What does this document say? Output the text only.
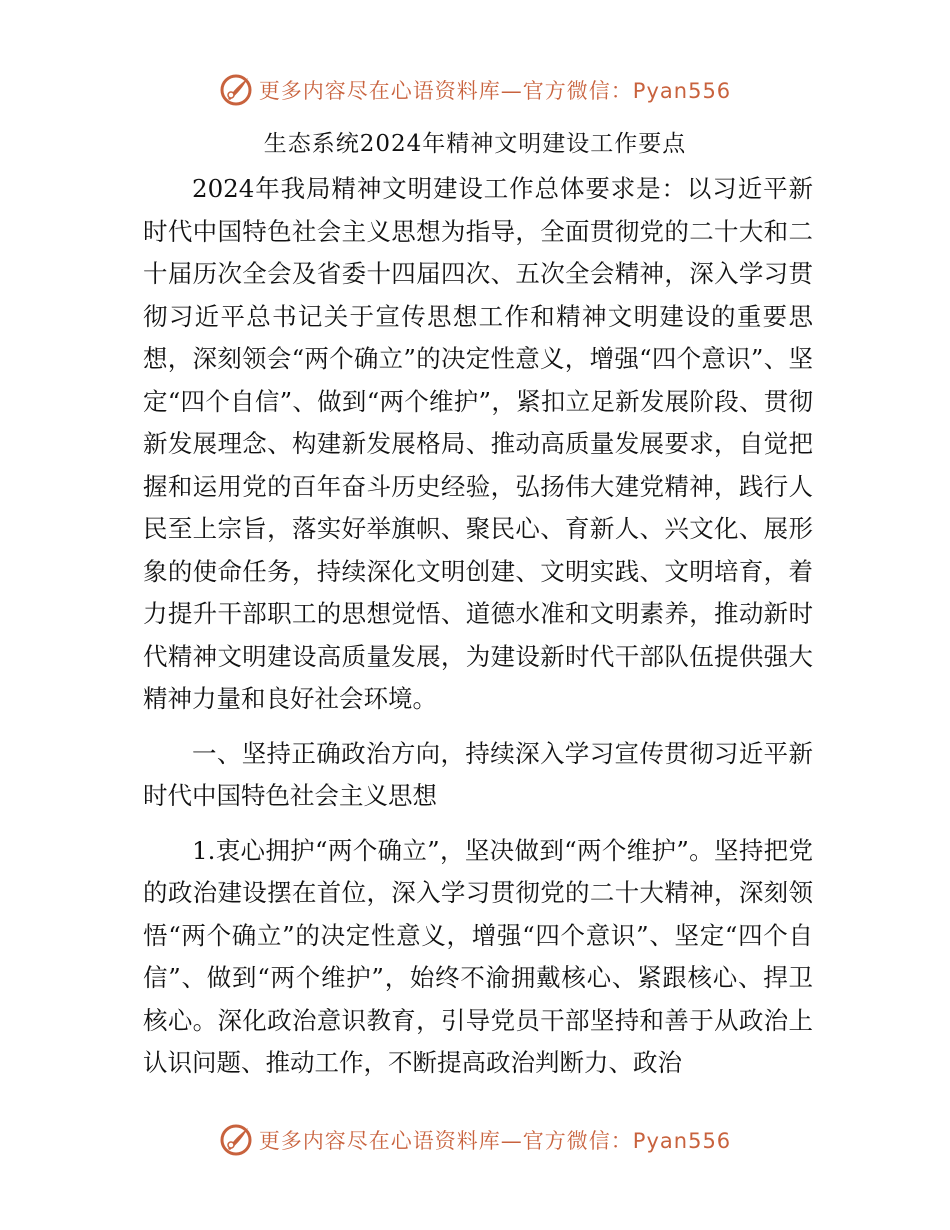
更多内容尽在心语资料库—官方微信：Pyan556
生态系统2024年精神文明建设工作要点

2024年我局精神文明建设工作总体要求是：以习近平新时代中国特色社会主义思想为指导，全面贯彻党的二十大和二十届历次全会及省委十四届四次、五次全会精神，深入学习贯彻习近平总书记关于宣传思想工作和精神文明建设的重要思想，深刻领会“两个确立”的决定性意义，增强“四个意识”、坚定“四个自信”、做到“两个维护”，紧扣立足新发展阶段、贯彻新发展理念、构建新发展格局、推动高质量发展要求，自觉把握和运用党的百年奋斗历史经验，弘扬伟大建党精神，践行人民至上宗旨，落实好举旗帜、聚民心、育新人、兴文化、展形象的使命任务，持续深化文明创建、文明实践、文明培育，着力提升干部职工的思想觉悟、道德水准和文明素养，推动新时代精神文明建设高质量发展，为建设新时代干部队伍提供强大精神力量和良好社会环境。

一、坚持正确政治方向，持续深入学习宣传贯彻习近平新时代中国特色社会主义思想

1.衷心拥护“两个确立”，坚决做到“两个维护”。坚持把党的政治建设摆在首位，深入学习贯彻党的二十大精神，深刻领悟“两个确立”的决定性意义，增强“四个意识”、坚定“四个自信”、做到“两个维护”，始终不渝拥戴核心、紧跟核心、捍卫核心。深化政治意识教育，引导党员干部坚持和善于从政治上认识问题、推动工作，不断提高政治判断力、政治

更多内容尽在心语资料库—官方微信：Pyan556
